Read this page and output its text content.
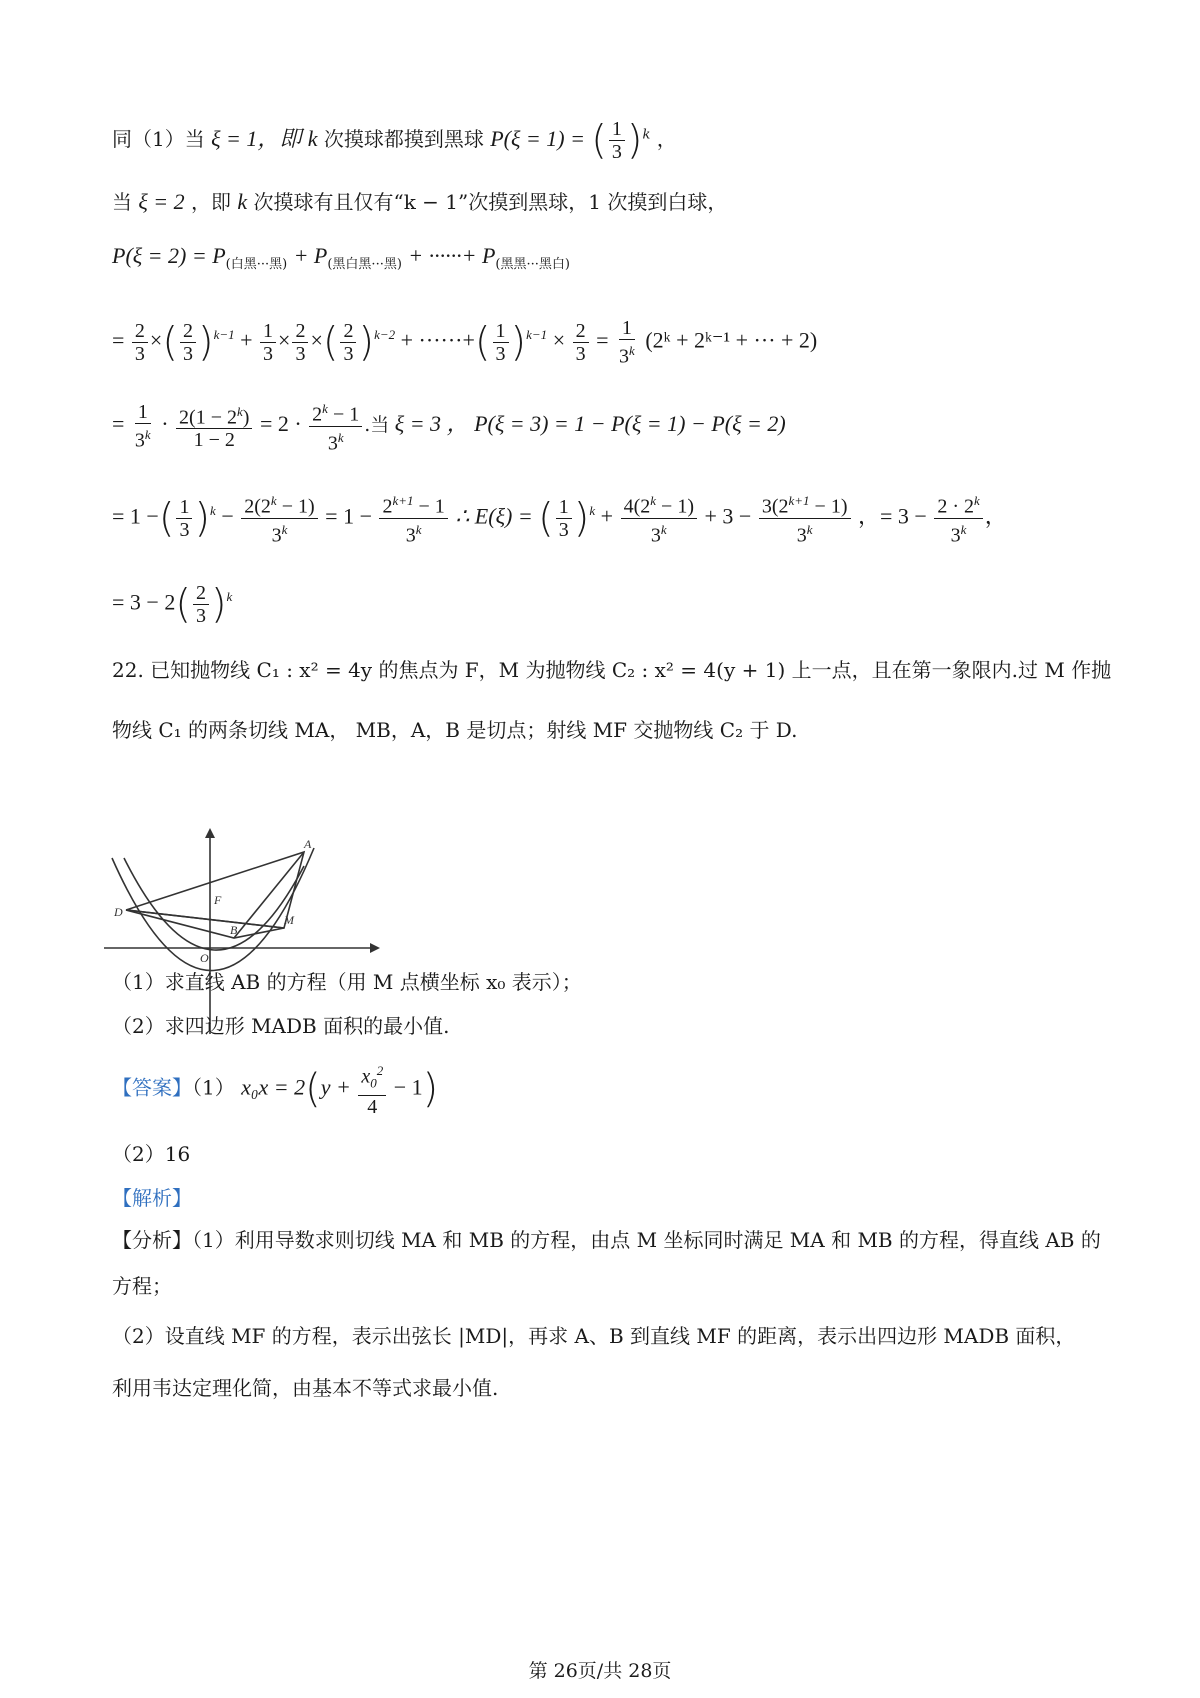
同（1）当 ξ = 1，即 k 次摸球都摸到黑球 P(ξ = 1) = ( $\frac{1}{3} )^k$ ，
当 ξ = 2 ，即 k 次摸球有且仅有“k − 1”次摸到黑球，1 次摸到白球，
$P(\xi = 2) = P_{(白黑\cdot\cdot\cdot 黑)} + P_{(黑白黑\cdot\cdot\cdot 黑)}$ + ······+ $P_{(黑黑\cdot\cdot\cdot 黑白)}$
= $\frac{2}{3}$ ×( $\frac{2}{3} )^{k-1} + \frac{1}{3} \times \frac{2}{3}$ ×( $\frac{2}{3} )^{k-2}$ + ······+( $\frac{1}{3} )^{k-1} \times \frac{2}{3} = \frac{1}{3^k}$ (2ᵏ + 2ᵏ⁻¹ + ··· + 2)
= $\frac{1}{3^k} \cdot \frac{2(1 - 2^k)}{1 - 2} = 2 \cdot \frac{2^k - 1}{3^k}$ .当 ξ = 3 ， P(ξ = 3) = 1 − P(ξ = 1) − P(ξ = 2)
= 1 −( $\frac{1}{3} )^k - \frac{2(2^k - 1)}{3^k} = 1 - \frac{2^{k+1} - 1}{3^k}$ ∴ E(ξ) = ( $\frac{1}{3} )^k + \frac{4(2^k - 1)}{3^k} + 3 - \frac{3(2^{k+1} - 1)}{3^k}$ ，= $3 - \frac{2 \cdot 2^k}{3^k}$ ，
= $3 - 2( \frac{2}{3} )^k$
22. 已知抛物线 C₁ : x² = 4y 的焦点为 F，M 为抛物线 C₂ : x² = 4(y + 1) 上一点，且在第一象限内.过 M 作抛
物线 C₁ 的两条切线 MA， MB，A，B 是切点；射线 MF 交抛物线 C₂ 于 D.
A
D
F
B
M
O
（1）求直线 AB 的方程（用 M 点横坐标 x₀ 表示）；
（2）求四边形 MADB 面积的最小值.
【答案】（1） $x_0x = 2(y + \frac{x_0^2}{4} - 1)$
（2）16
【解析】
【分析】（1）利用导数求则切线 MA 和 MB 的方程，由点 M 坐标同时满足 MA 和 MB 的方程，得直线 AB 的
方程；
（2）设直线 MF 的方程，表示出弦长 |MD|，再求 A、B 到直线 MF 的距离，表示出四边形 MADB 面积，
利用韦达定理化简，由基本不等式求最小值.
第 26页/共 28页
